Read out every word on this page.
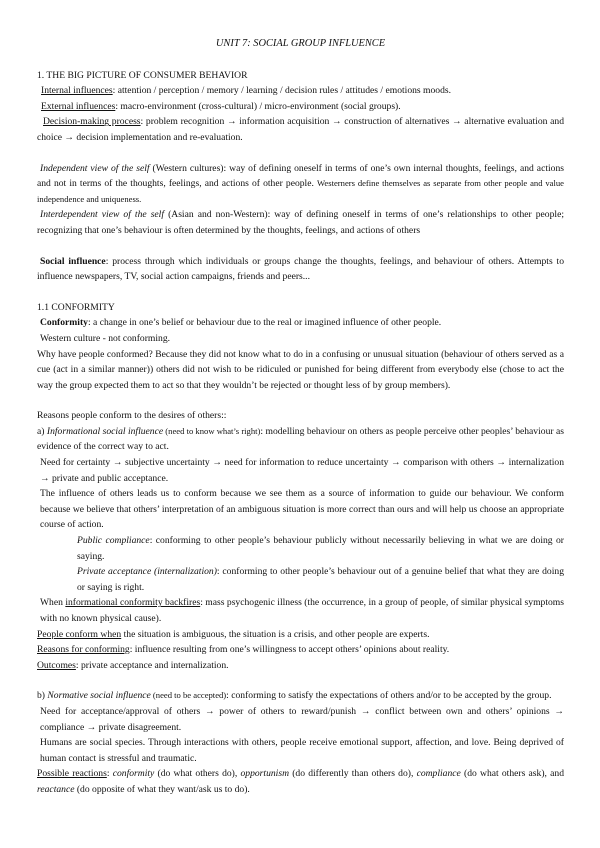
UNIT 7: SOCIAL GROUP INFLUENCE

1. THE BIG PICTURE OF CONSUMER BEHAVIOR

Internal influences: attention / perception / memory / learning / decision rules / attitudes / emotions moods.

External influences: macro-environment (cross-cultural) / micro-environment (social groups).

Decision-making process: problem recognition → information acquisition → construction of alternatives → alternative evaluation and choice → decision implementation and re-evaluation.

Independent view of the self (Western cultures): way of defining oneself in terms of one’s own internal thoughts, feelings, and actions and not in terms of the thoughts, feelings, and actions of other people. Westerners define themselves as separate from other people and value independence and uniqueness.

Interdependent view of the self (Asian and non-Western): way of defining oneself in terms of one’s relationships to other people; recognizing that one’s behaviour is often determined by the thoughts, feelings, and actions of others

Social influence: process through which individuals or groups change the thoughts, feelings, and behaviour of others. Attempts to influence newspapers, TV, social action campaigns, friends and peers...

1.1 CONFORMITY

Conformity: a change in one’s belief or behaviour due to the real or imagined influence of other people.

Western culture - not conforming.

Why have people conformed? Because they did not know what to do in a confusing or unusual situation (behaviour of others served as a cue (act in a similar manner)) others did not wish to be ridiculed or punished for being different from everybody else (chose to act the way the group expected them to act so that they wouldn’t be rejected or thought less of by group members).

Reasons people conform to the desires of others::

a) Informational social influence (need to know what’s right): modelling behaviour on others as people perceive other peoples’ behaviour as evidence of the correct way to act.

Need for certainty → subjective uncertainty → need for information to reduce uncertainty → comparison with others → internalization → private and public acceptance.

The influence of others leads us to conform because we see them as a source of information to guide our behaviour. We conform because we believe that others’ interpretation of an ambiguous situation is more correct than ours and will help us choose an appropriate course of action.

Public compliance: conforming to other people’s behaviour publicly without necessarily believing in what we are doing or saying.

Private acceptance (internalization): conforming to other people’s behaviour out of a genuine belief that what they are doing or saying is right.

When informational conformity backfires: mass psychogenic illness (the occurrence, in a group of people, of similar physical symptoms with no known physical cause).

People conform when the situation is ambiguous, the situation is a crisis, and other people are experts.

Reasons for conforming: influence resulting from one’s willingness to accept others’ opinions about reality.

Outcomes: private acceptance and internalization.

b) Normative social influence (need to be accepted): conforming to satisfy the expectations of others and/or to be accepted by the group.

Need for acceptance/approval of others → power of others to reward/punish → conflict between own and others’ opinions → compliance → private disagreement.

Humans are social species. Through interactions with others, people receive emotional support, affection, and love. Being deprived of human contact is stressful and traumatic.

Possible reactions: conformity (do what others do), opportunism (do differently than others do), compliance (do what others ask), and reactance (do opposite of what they want/ask us to do).
